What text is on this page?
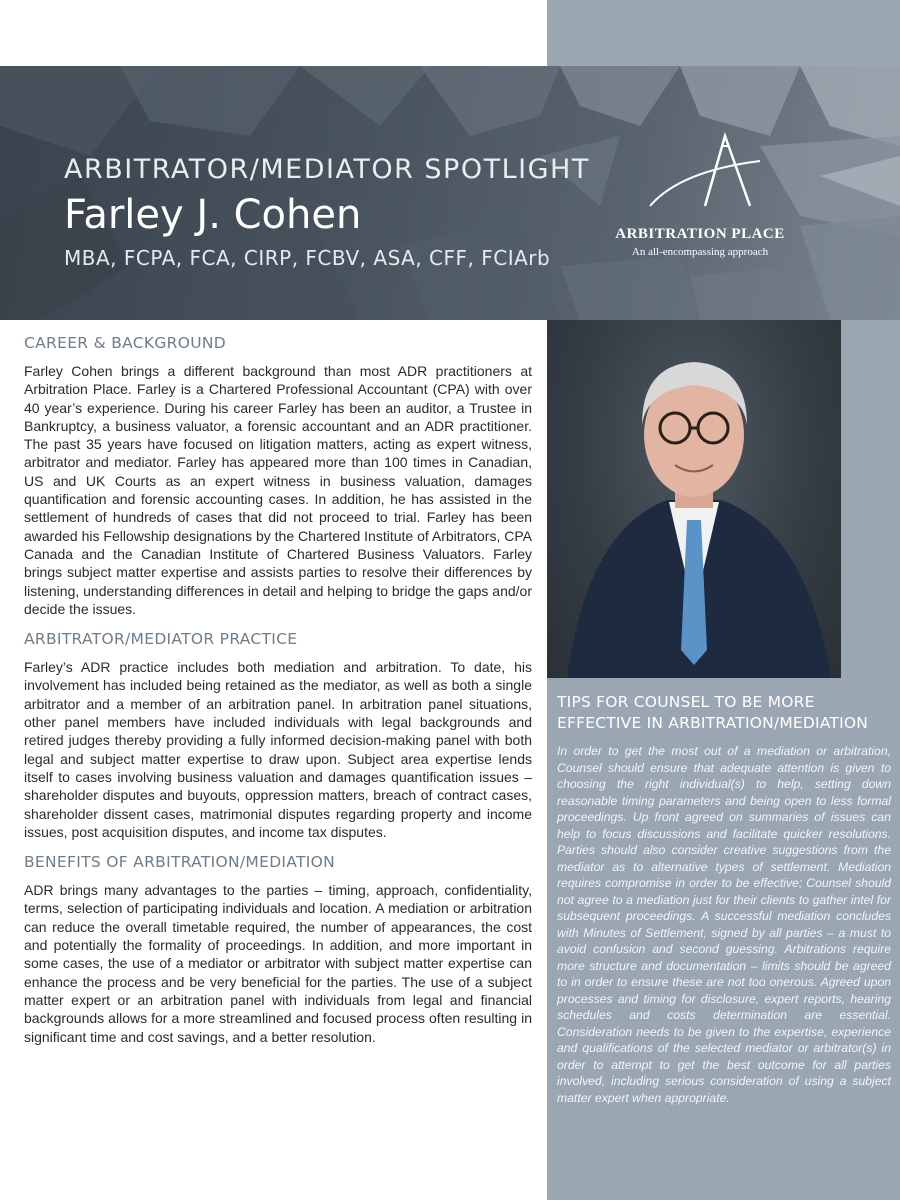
ARBITRATOR/MEDIATOR SPOTLIGHT
Farley J. Cohen
MBA, FCPA, FCA, CIRP, FCBV, ASA, CFF, FCIArb
ARBITRATION PLACE
An all-encompassing approach
CAREER & BACKGROUND
Farley Cohen brings a different background than most ADR practitioners at Arbitration Place. Farley is a Chartered Professional Accountant (CPA) with over 40 year’s experience. During his career Farley has been an auditor, a Trustee in Bankruptcy, a business valuator, a forensic accountant and an ADR practitioner. The past 35 years have focused on litigation matters, acting as expert witness, arbitrator and mediator. Farley has appeared more than 100 times in Canadian, US and UK Courts as an expert witness in business valuation, damages quantification and forensic accounting cases. In addition, he has assisted in the settlement of hundreds of cases that did not proceed to trial. Farley has been awarded his Fellowship designations by the Chartered Institute of Arbitrators, CPA Canada and the Canadian Institute of Chartered Business Valuators. Farley brings subject matter expertise and assists parties to resolve their differences by listening, understanding differences in detail and helping to bridge the gaps and/or decide the issues.
ARBITRATOR/MEDIATOR PRACTICE
Farley’s ADR practice includes both mediation and arbitration. To date, his involvement has included being retained as the mediator, as well as both a single arbitrator and a member of an arbitration panel. In arbitration panel situations, other panel members have included individuals with legal backgrounds and retired judges thereby providing a fully informed decision-making panel with both legal and subject matter expertise to draw upon. Subject area expertise lends itself to cases involving business valuation and damages quantification issues – shareholder disputes and buyouts, oppression matters, breach of contract cases, shareholder dissent cases, matrimonial disputes regarding property and income issues, post acquisition disputes, and income tax disputes.
BENEFITS OF ARBITRATION/MEDIATION
ADR brings many advantages to the parties – timing, approach, confidentiality, terms, selection of participating individuals and location. A mediation or arbitration can reduce the overall timetable required, the number of appearances, the cost and potentially the formality of proceedings. In addition, and more important in some cases, the use of a mediator or arbitrator with subject matter expertise can enhance the process and be very beneficial for the parties. The use of a subject matter expert or an arbitration panel with individuals from legal and financial backgrounds allows for a more streamlined and focused process often resulting in significant time and cost savings, and a better resolution.
TIPS FOR COUNSEL TO BE MORE EFFECTIVE IN ARBITRATION/MEDIATION
In order to get the most out of a mediation or arbitration, Counsel should ensure that adequate attention is given to choosing the right individual(s) to help, setting down reasonable timing parameters and being open to less formal proceedings. Up front agreed on summaries of issues can help to focus discussions and facilitate quicker resolutions. Parties should also consider creative suggestions from the mediator as to alternative types of settlement. Mediation requires compromise in order to be effective; Counsel should not agree to a mediation just for their clients to gather intel for subsequent proceedings. A successful mediation concludes with Minutes of Settlement, signed by all parties – a must to avoid confusion and second guessing. Arbitrations require more structure and documentation – limits should be agreed to in order to ensure these are not too onerous. Agreed upon processes and timing for disclosure, expert reports, hearing schedules and costs determination are essential. Consideration needs to be given to the expertise, experience and qualifications of the selected mediator or arbitrator(s) in order to attempt to get the best outcome for all parties involved, including serious consideration of using a subject matter expert when appropriate.
